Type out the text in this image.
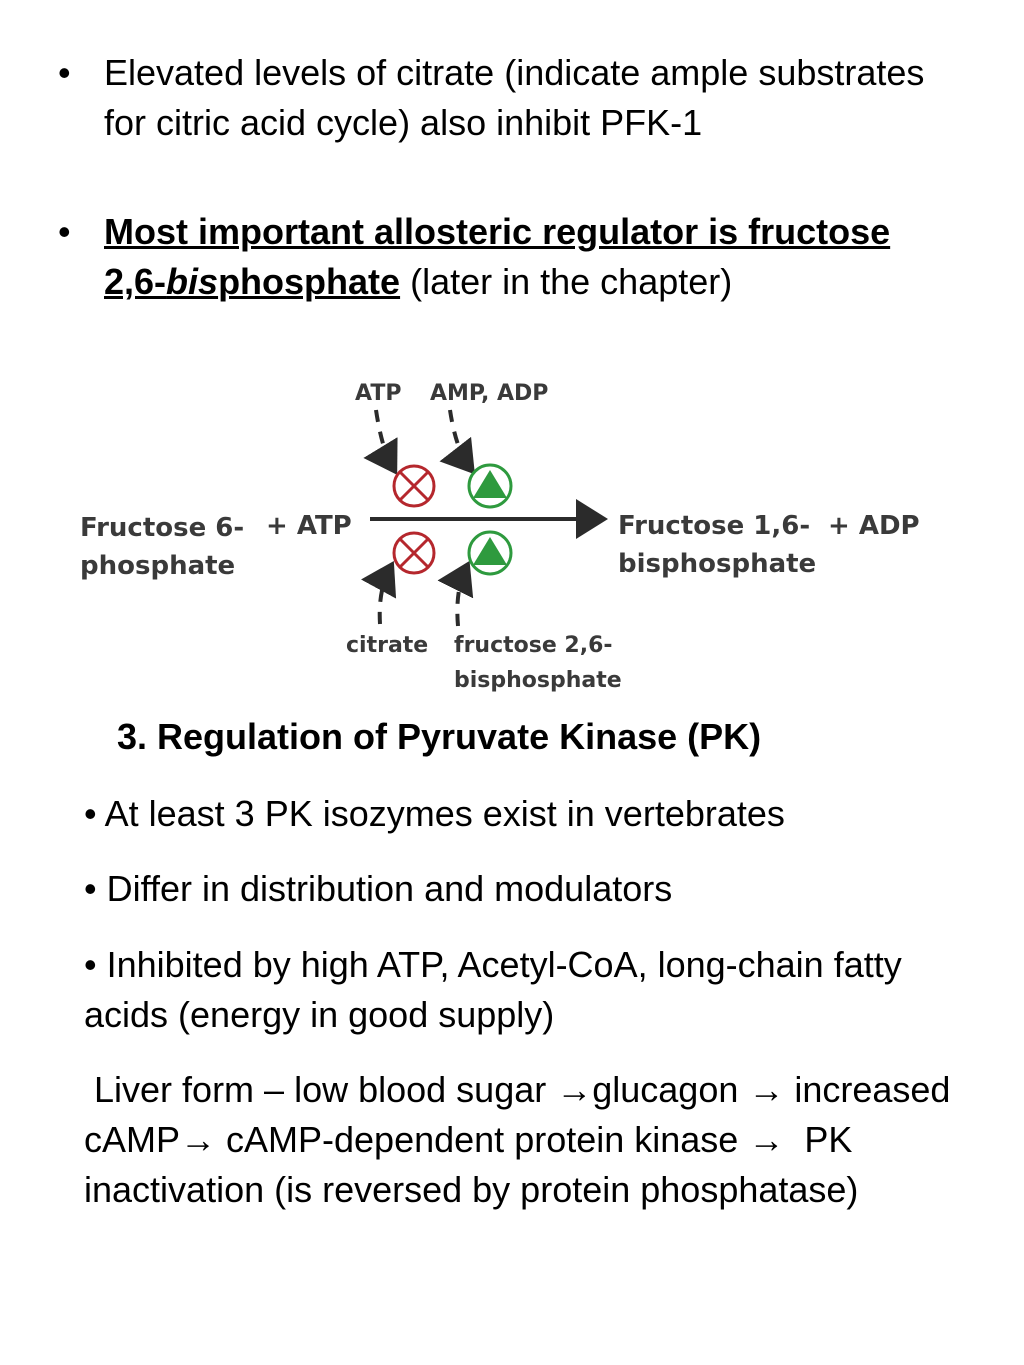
• Elevated levels of citrate (indicate ample substrates for citric acid cycle) also inhibit PFK-1
• Most important allosteric regulator is fructose 2,6-bisphosphate (later in the chapter)
Fructose 6-
phosphate
+ ATP	Fructose 1,6- + ADP
bisphosphate
ATP AMP, ADP
citrate fructose 2,6-
bisphosphate
3. Regulation of Pyruvate Kinase (PK)
• At least 3 PK isozymes exist in vertebrates
• Differ in distribution and modulators
• Inhibited by high ATP, Acetyl-CoA, long-chain fatty acids (energy in good supply)
Liver form – low blood sugar →glucagon → increased cAMP→ cAMP-dependent protein kinase →  PK inactivation (is reversed by protein phosphatase)
